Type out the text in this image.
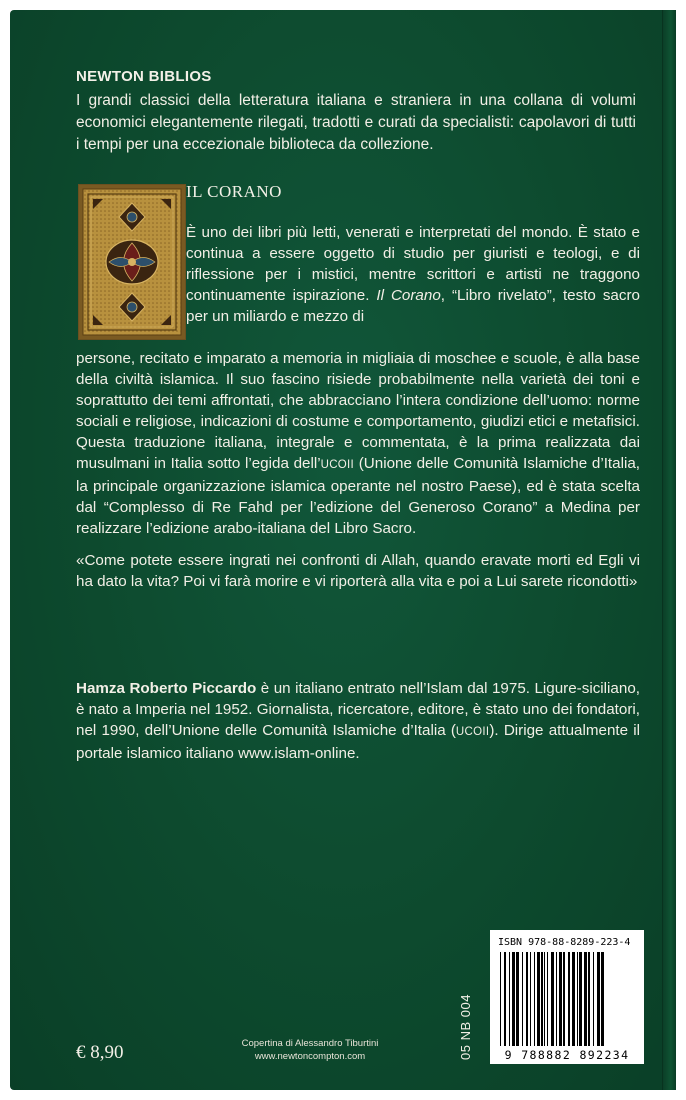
NEWTON BIBLIOS

I grandi classici della letteratura italiana e straniera in una collana di volumi economici elegantemente rilegati, tradotti e curati da specialisti: capolavori di tutti i tempi per una eccezionale biblioteca da collezione.

IL CORANO

È uno dei libri più letti, venerati e interpretati del mondo. È stato e continua a essere oggetto di studio per giuristi e teologi, e di riflessione per i mistici, mentre scrittori e artisti ne traggono continuamente ispirazione. Il Corano, “Libro rivelato”, testo sacro per un miliardo e mezzo di

persone, recitato e imparato a memoria in migliaia di moschee e scuole, è alla base della civiltà islamica. Il suo fascino risiede probabilmente nella varietà dei toni e soprattutto dei temi affrontati, che abbracciano l’intera condizione dell’uomo: norme sociali e religiose, indicazioni di costume e comportamento, giudizi etici e metafisici. Questa traduzione italiana, integrale e commentata, è la prima realizzata dai musulmani in Italia sotto l’egida dell’UCOII (Unione delle Comunità Islamiche d’Italia, la principale organizzazione islamica operante nel nostro Paese), ed è stata scelta dal “Complesso di Re Fahd per l’edizione del Generoso Corano” a Medina per realizzare l’edizione arabo-italiana del Libro Sacro.

«Come potete essere ingrati nei confronti di Allah, quando eravate morti ed Egli vi ha dato la vita? Poi vi farà morire e vi riporterà alla vita e poi a Lui sarete ricondotti»

Hamza Roberto Piccardo è un italiano entrato nell’Islam dal 1975. Ligure-siciliano, è nato a Imperia nel 1952. Giornalista, ricercatore, editore, è stato uno dei fondatori, nel 1990, dell’Unione delle Comunità Islamiche d’Italia (UCOII). Dirige attualmente il portale islamico italiano www.islam-online.

05 NB 004
ISBN 978-88-8289-223-4
9 788882 892234
€ 8,90	Copertina di Alessandro Tiburtini
www.newtoncompton.com
